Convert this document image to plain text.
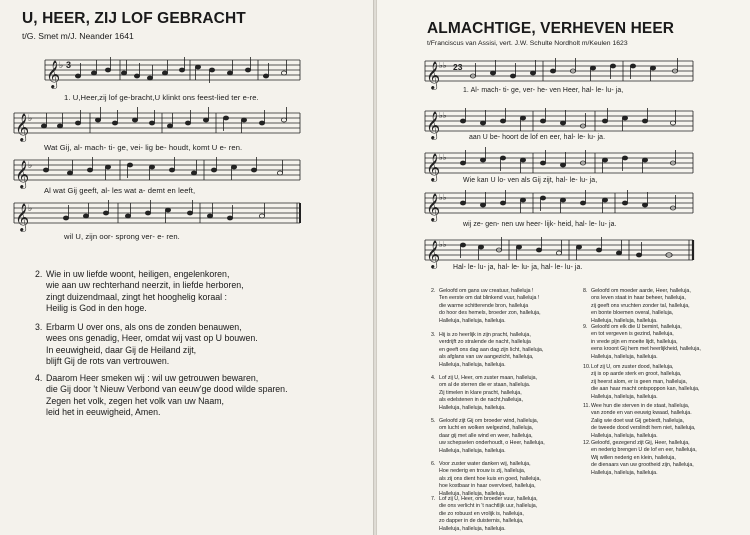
U, HEER, ZIJ LOF GEBRACHT
t/G. Smet m/J. Neander 1641
𝄞
♭ 3
𝄞
♭
𝄞
♭
𝄞
♭
1. U,Heer,zij lof ge-bracht,U klinkt ons feest-lied ter e-re.
Wat Gij, al- mach- ti- ge, vei- lig be- houdt, komt U e- ren.
Al wat Gij geeft, al- les wat a- demt en leeft,
wil U, zijn oor- sprong ver- e- ren.
2. Wie in uw liefde woont, heiligen, engelenkoren,
wie aan uw rechterhand neerzit, in liefde herboren,
zingt duizendmaal, zingt het hooghelig koraal :
Heilig is God in den hoge.
3. Erbarm U over ons, als ons de zonden benauwen,
wees ons genadig, Heer, omdat wij vast op U bouwen.
In eeuwigheid, daar Gij de Heiland zijt,
blijft Gij de rots van vertrouwen.
4. Daarom Heer smeken wij : wil uw getrouwen bewaren,
die Gij door 't Nieuw Verbond van eeuw'ge dood wilde sparen.
Zegen het volk, zegen het volk van uw Naam,
leid het in eeuwigheid, Amen.
ALMACHTIGE, VERHEVEN HEER
t/Franciscus van Assisi, vert. J.W. Schulte Nordholt m/Keulen 1623
𝄞
♭♭ 23
𝄞
♭♭
𝄞
♭♭
𝄞
♭♭
𝄞
♭♭
1. Al- mach- ti- ge, ver- he- ven Heer, hal- le- lu- ja,
aan U be- hoort de lof en eer, hal- le- lu- ja.
Wie kan U lo- ven als Gij zijt, hal- le- lu- ja,
wij ze- gen- nen uw heer- lijk- heid, hal- le- lu- ja.
Hal- le- lu- ja, hal- le- lu- ja, hal- le- lu- ja.
2. Geloofd om gans uw creatuur, halleluja !
Ten eerste om dat blinkend vuur, halleluja !
die warme schitterende bron, halleluja
do hoor des hemels, broeder zon, halleluja,
Halleluja, halleluja, halleluja.
3. Hij is zo heerlijk in zijn pracht, halleluja,
verdrijft zo stralende de nacht, halleluja
en geeft ons dag aan dag zijn licht, halleluja,
als afglans van uw aangezicht, halleluja,
Halleluja, halleluja, halleluja.
4. Lof zij U, Heer, om zuster maan, halleluja,
om al de sterren die er staan, halleluja.
Zij timelen in klare pracht, halleluja,
als edelstenen in de nacht,halleluja,
Halleluja, halleluja, halleluja.
5. Geloofd zijt Gij om broeder wind, halleluja,
om lucht en wolken welgezind, halleluja,
daar gij met alle wind en weer, halleluja,
uw schepselen onderhoudt, o Heer, halleluja,
Halleluja, halleluja, halleluja.
6. Voor zuster water danken wij, halleluja,
Hoe nederig en trouw is zij, halleluja,
als zij ons dient hoe kuis en goed, halleluja,
hoe kostbaar in haar overvloed, halleluja,
Halleluja, halleluja, halleluja.
7. Lof zij U, Heer, om broeder vuur, halleluja,
die ons verlicht in 't nachtlijk uur, halleluja,
die zo robuust en vrolijk is, halleluja,
zo dapper in de duisternis, halleluja,
Halleluja, halleluja, halleluja.
8. Geloofd om moeder aarde, Heer, halleluja,
ons leven staat in haar beheer, halleluja,
zij geeft ons vruchten zonder tal, halleluja,
en bonte bloemen overal, halleluja,
Halleluja, halleluja, halleluja.
9. Geloofd om elk die U bemint, halleluja,
en tot vergeven is gezind, halleluja,
in vrede pijn en moeite lijdt, halleluja,
eens kroont Gij hem met heerlijkheid, halleluja,
Halleluja, halleluja, halleluja.
10. Lof zij U, om zuster dood, halleluja,
zij is op aarde sterk en groot, halleluja,
zij heerst alom, er is geen man, halleluja,
die aan haar macht ontspoppon kan, halleluja,
Halleluja, halleluja, halleluja.
11. Wee hun die sterven in de staat, halleluja,
van zonde en van eeuwig kwaad, halleluja.
Zalig wie doet wat Gij gebiedt, halleluja,
de tweede dood verslindt hem niet, halleluja,
Halleluja, halleluja, halleluja.
12. Geloofd, gezegend zijt Gij, Heer, halleluja,
en nederig brengen U de lof en eer, halleluja,
Wij willen nederig en klein, halleluja,
de dienaars van uw grootheid zijn, halleluja,
Halleluja, halleluja, halleluja.
